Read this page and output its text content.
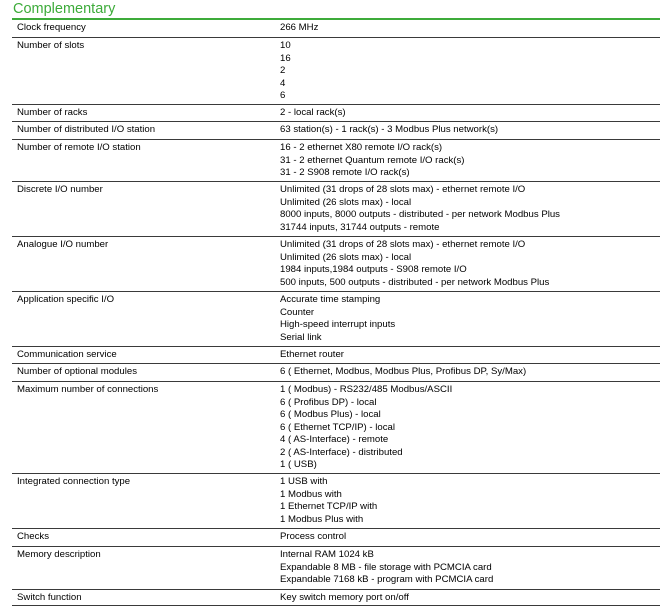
Complementary
Clock frequency	266 MHz
Number of slots	10
16
2
4
6
Number of racks	2 - local rack(s)
Number of distributed I/O station	63 station(s) - 1 rack(s) - 3 Modbus Plus network(s)
Number of remote I/O station	16 - 2 ethernet X80 remote I/O rack(s)
31 - 2 ethernet Quantum remote I/O rack(s)
31 - 2 S908 remote I/O rack(s)
Discrete I/O number	Unlimited (31 drops of 28 slots max) - ethernet remote I/O
Unlimited (26 slots max) - local
8000 inputs, 8000 outputs - distributed - per network Modbus Plus
31744 inputs, 31744 outputs - remote
Analogue I/O number	Unlimited (31 drops of 28 slots max) - ethernet remote I/O
Unlimited (26 slots max) - local
1984 inputs,1984 outputs - S908 remote I/O
500 inputs, 500 outputs - distributed - per network Modbus Plus
Application specific I/O	Accurate time stamping
Counter
High-speed interrupt inputs
Serial link
Communication service	Ethernet router
Number of optional modules	6 ( Ethernet, Modbus, Modbus Plus, Profibus DP, Sy/Max)
Maximum number of connections	1 ( Modbus) - RS232/485 Modbus/ASCII
6 ( Profibus DP) - local
6 ( Modbus Plus) - local
6 ( Ethernet TCP/IP) - local
4 ( AS-Interface) - remote
2 ( AS-Interface) - distributed
1 ( USB)
Integrated connection type	1 USB with
1 Modbus with
1 Ethernet TCP/IP with
1 Modbus Plus with
Checks	Process control
Memory description	Internal RAM 1024 kB
Expandable 8 MB - file storage with PCMCIA card
Expandable 7168 kB - program with PCMCIA card
Switch function	Key switch memory port on/off
